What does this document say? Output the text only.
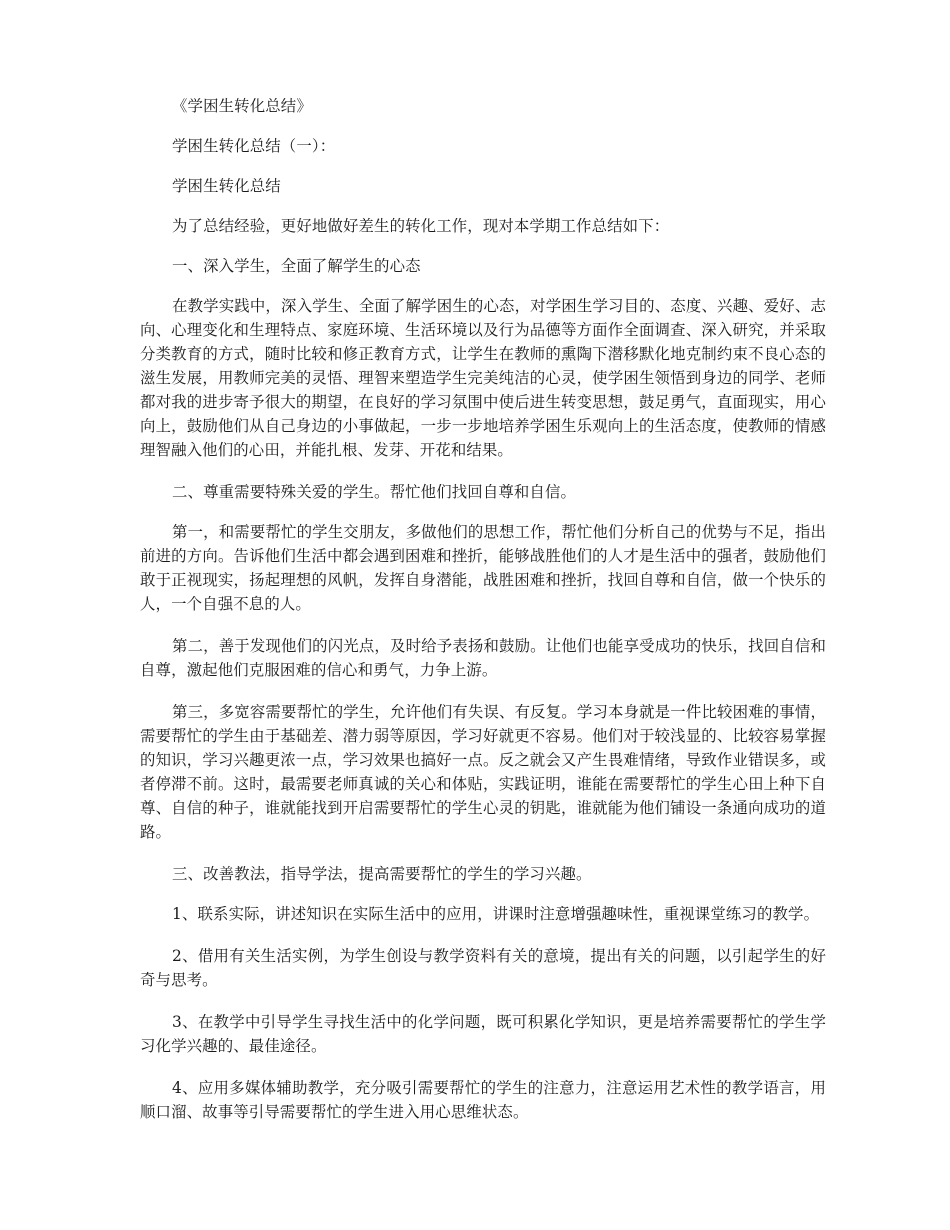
《学困生转化总结》

学困生转化总结（一）：

学困生转化总结

为了总结经验，更好地做好差生的转化工作，现对本学期工作总结如下：

一、深入学生，全面了解学生的心态

在教学实践中，深入学生、全面了解学困生的心态，对学困生学习目的、态度、兴趣、爱好、志向、心理变化和生理特点、家庭环境、生活环境以及行为品德等方面作全面调查、深入研究，并采取分类教育的方式，随时比较和修正教育方式，让学生在教师的熏陶下潜移默化地克制约束不良心态的滋生发展，用教师完美的灵悟、理智来塑造学生完美纯洁的心灵，使学困生领悟到身边的同学、老师都对我的进步寄予很大的期望，在良好的学习氛围中使后进生转变思想，鼓足勇气，直面现实，用心向上，鼓励他们从自己身边的小事做起，一步一步地培养学困生乐观向上的生活态度，使教师的情感理智融入他们的心田，并能扎根、发芽、开花和结果。

二、尊重需要特殊关爱的学生。帮忙他们找回自尊和自信。

第一，和需要帮忙的学生交朋友，多做他们的思想工作，帮忙他们分析自己的优势与不足，指出前进的方向。告诉他们生活中都会遇到困难和挫折，能够战胜他们的人才是生活中的强者，鼓励他们敢于正视现实，扬起理想的风帆，发挥自身潜能，战胜困难和挫折，找回自尊和自信，做一个快乐的人，一个自强不息的人。

第二，善于发现他们的闪光点，及时给予表扬和鼓励。让他们也能享受成功的快乐，找回自信和自尊，激起他们克服困难的信心和勇气，力争上游。

第三，多宽容需要帮忙的学生，允许他们有失误、有反复。学习本身就是一件比较困难的事情，需要帮忙的学生由于基础差、潜力弱等原因，学习好就更不容易。他们对于较浅显的、比较容易掌握的知识，学习兴趣更浓一点，学习效果也搞好一点。反之就会又产生畏难情绪，导致作业错误多，或者停滞不前。这时，最需要老师真诚的关心和体贴，实践证明，谁能在需要帮忙的学生心田上种下自尊、自信的种子，谁就能找到开启需要帮忙的学生心灵的钥匙，谁就能为他们铺设一条通向成功的道路。

三、改善教法，指导学法，提高需要帮忙的学生的学习兴趣。

1、联系实际，讲述知识在实际生活中的应用，讲课时注意增强趣味性，重视课堂练习的教学。

2、借用有关生活实例，为学生创设与教学资料有关的意境，提出有关的问题，以引起学生的好奇与思考。

3、在教学中引导学生寻找生活中的化学问题，既可积累化学知识，更是培养需要帮忙的学生学习化学兴趣的、最佳途径。

4、应用多媒体辅助教学，充分吸引需要帮忙的学生的注意力，注意运用艺术性的教学语言，用顺口溜、故事等引导需要帮忙的学生进入用心思维状态。
